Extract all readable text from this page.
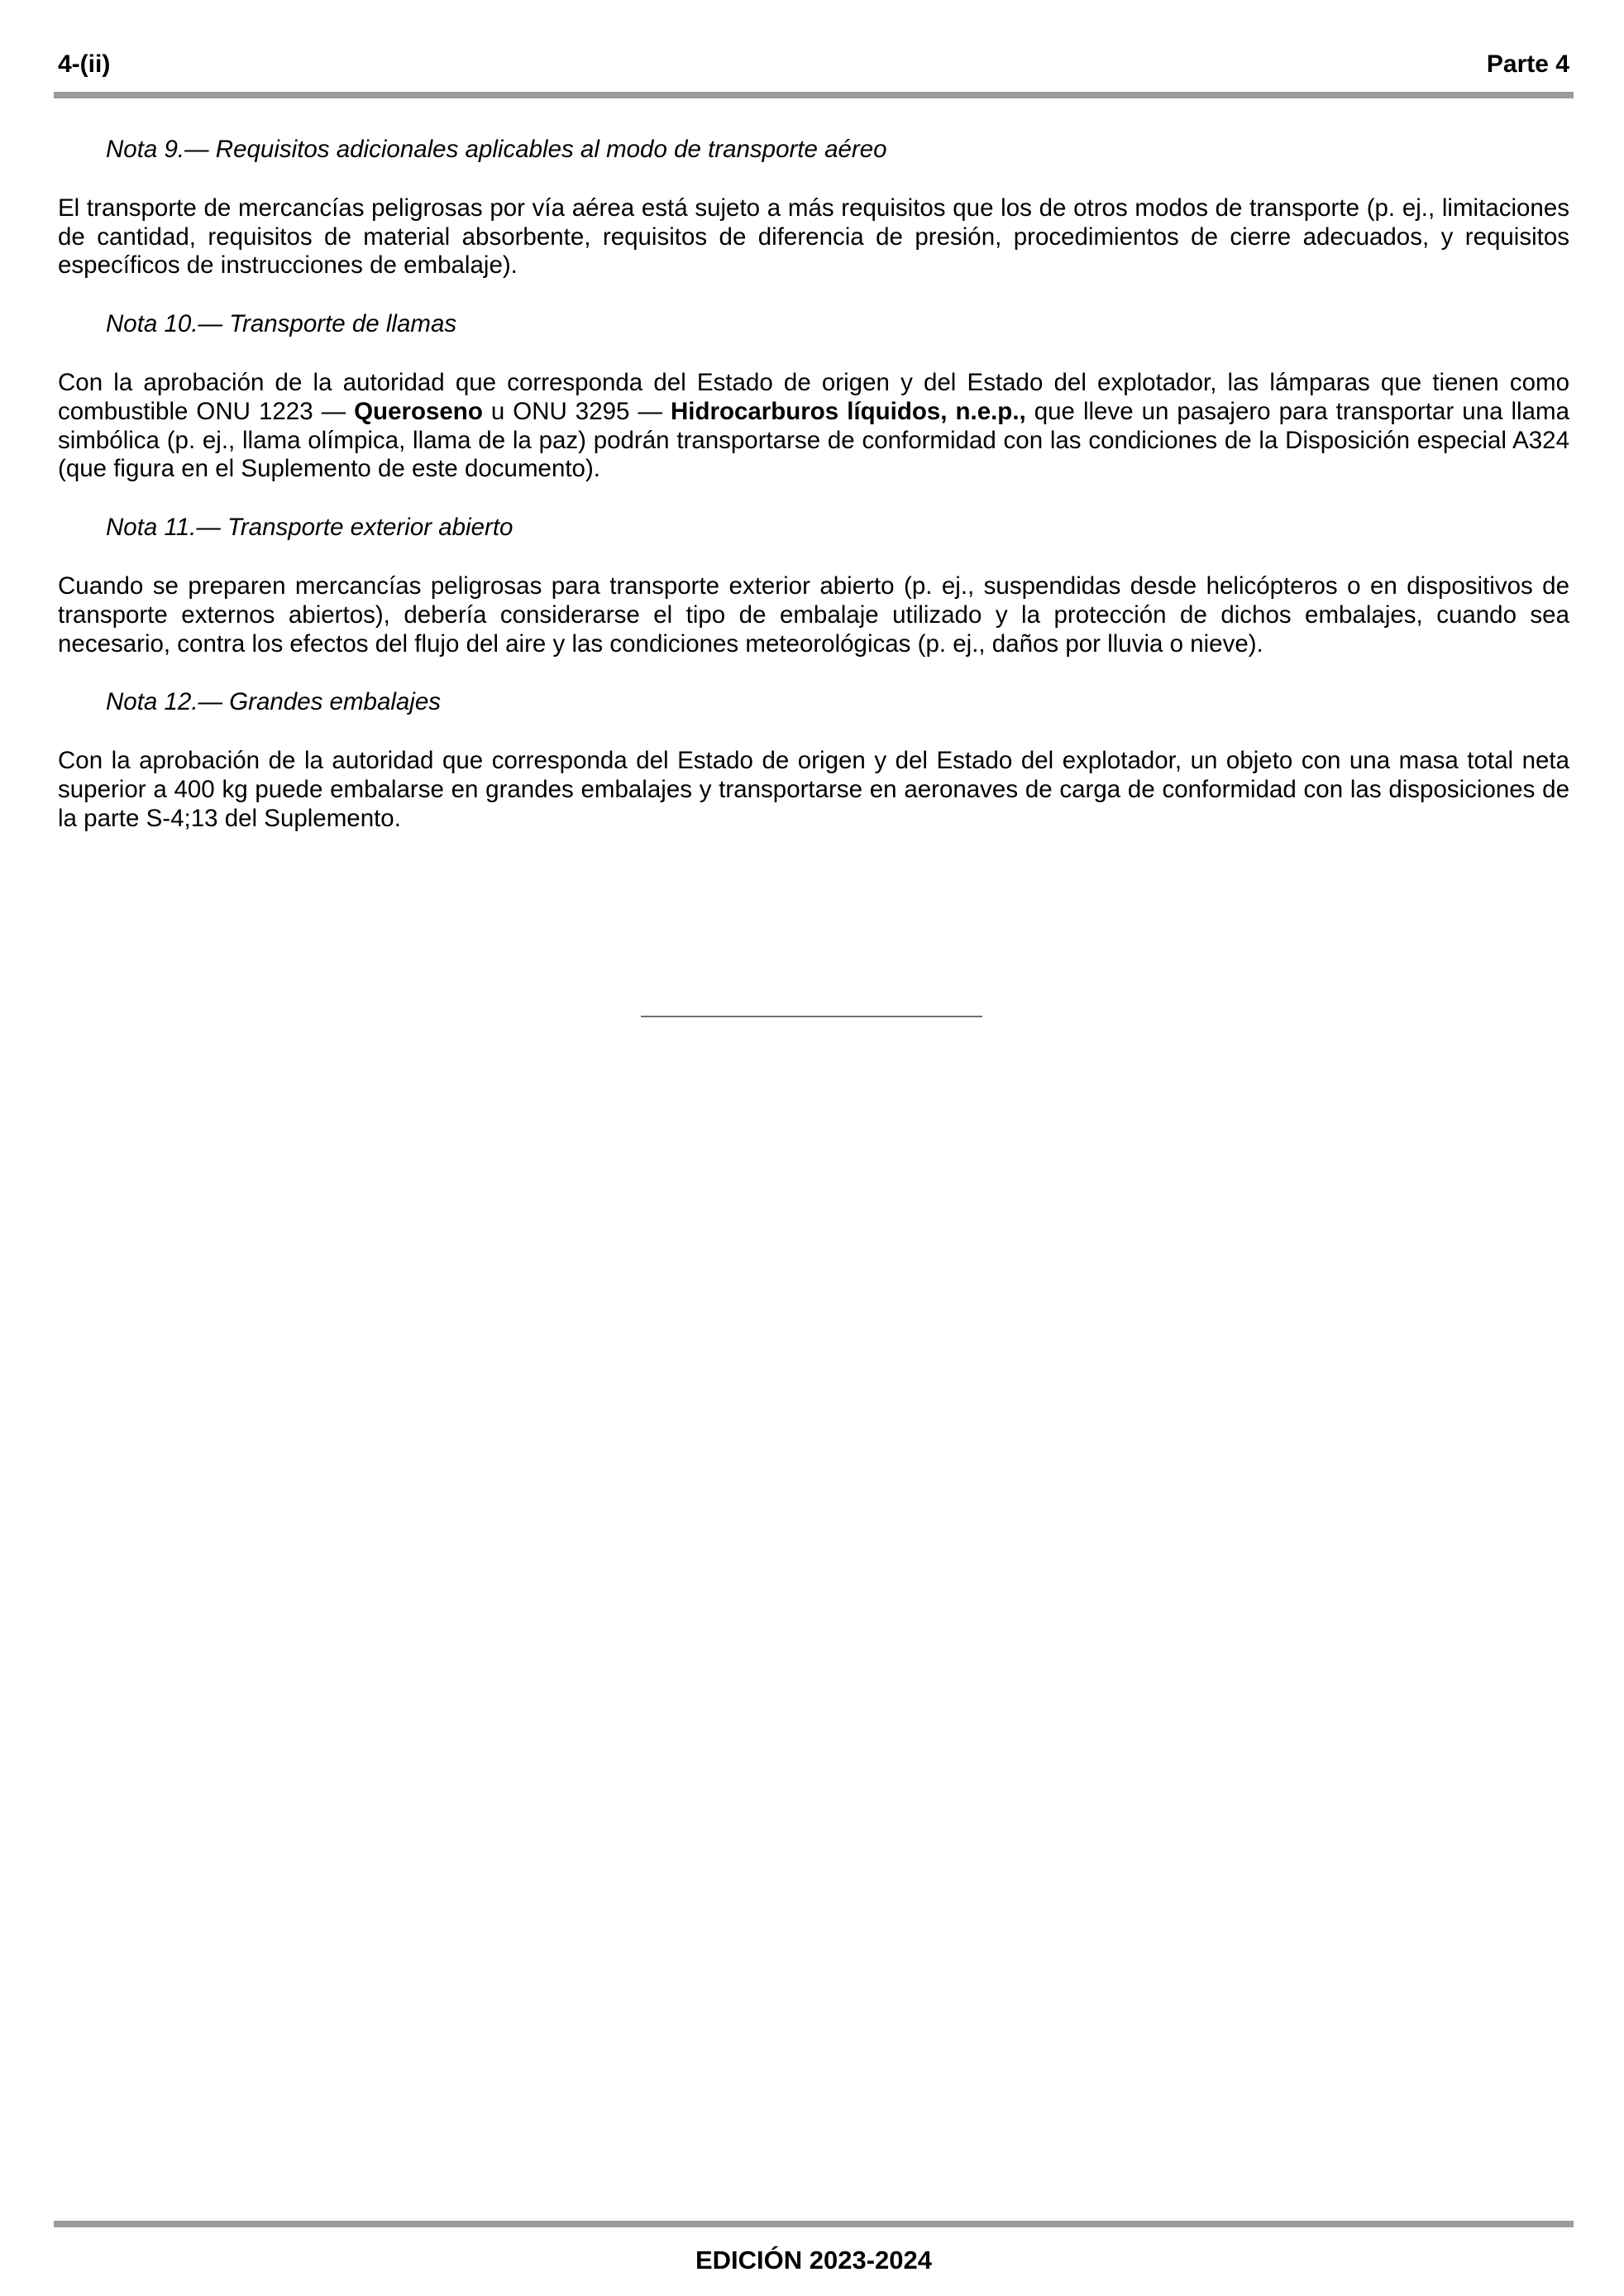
4-(ii)	Parte 4
Nota 9.— Requisitos adicionales aplicables al modo de transporte aéreo
El transporte de mercancías peligrosas por vía aérea está sujeto a más requisitos que los de otros modos de transporte (p. ej., limitaciones de cantidad, requisitos de material absorbente, requisitos de diferencia de presión, procedimientos de cierre adecuados, y requisitos específicos de instrucciones de embalaje).
Nota 10.— Transporte de llamas
Con la aprobación de la autoridad que corresponda del Estado de origen y del Estado del explotador, las lámparas que tienen como combustible ONU 1223 — Queroseno u ONU 3295 — Hidrocarburos líquidos, n.e.p., que lleve un pasajero para transportar una llama simbólica (p. ej., llama olímpica, llama de la paz) podrán transportarse de conformidad con las condiciones de la Disposición especial A324 (que figura en el Suplemento de este documento).
Nota 11.— Transporte exterior abierto
Cuando se preparen mercancías peligrosas para transporte exterior abierto (p. ej., suspendidas desde helicópteros o en dispositivos de transporte externos abiertos), debería considerarse el tipo de embalaje utilizado y la protección de dichos embalajes, cuando sea necesario, contra los efectos del flujo del aire y las condiciones meteorológicas (p. ej., daños por lluvia o nieve).
Nota 12.— Grandes embalajes
Con la aprobación de la autoridad que corresponda del Estado de origen y del Estado del explotador, un objeto con una masa total neta superior a 400 kg puede embalarse en grandes embalajes y transportarse en aeronaves de carga de conformidad con las disposiciones de la parte S-4;13 del Suplemento.
EDICIÓN 2023-2024
